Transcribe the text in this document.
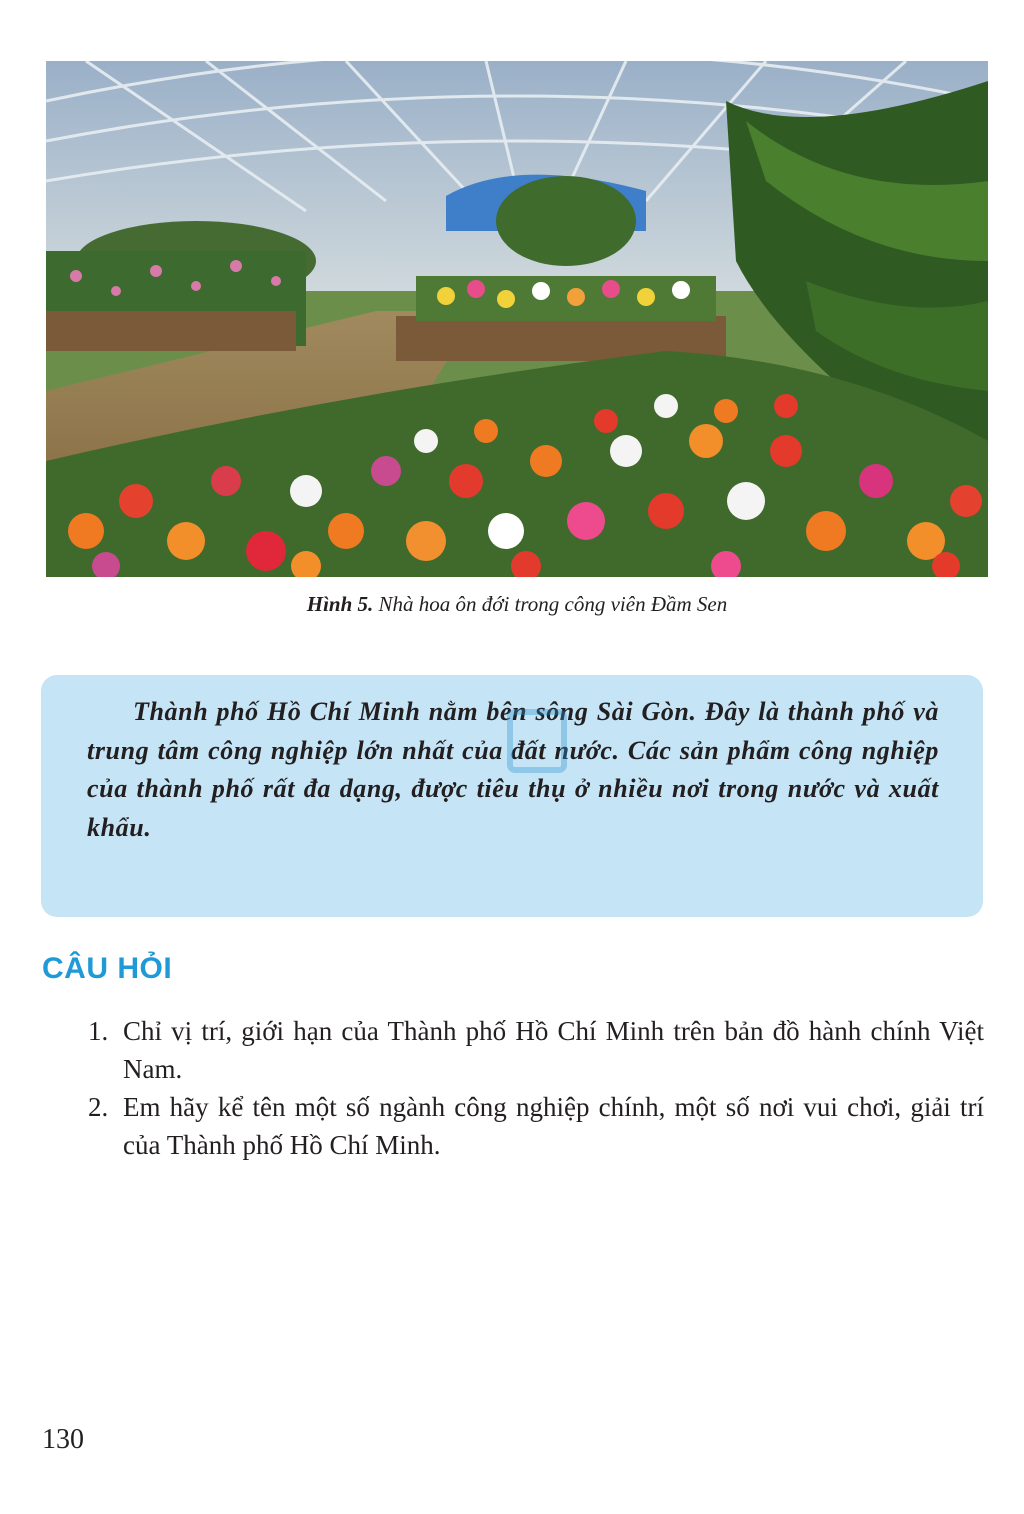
Hình 5. Nhà hoa ôn đới trong công viên Đầm Sen

Thành phố Hồ Chí Minh nằm bên sông Sài Gòn. Đây là thành phố và trung tâm công nghiệp lớn nhất của đất nước. Các sản phẩm công nghiệp của thành phố rất đa dạng, được tiêu thụ ở nhiều nơi trong nước và xuất khẩu.

CÂU HỎI
1. Chỉ vị trí, giới hạn của Thành phố Hồ Chí Minh trên bản đồ hành chính Việt Nam.
2. Em hãy kể tên một số ngành công nghiệp chính, một số nơi vui chơi, giải trí của Thành phố Hồ Chí Minh.
130
